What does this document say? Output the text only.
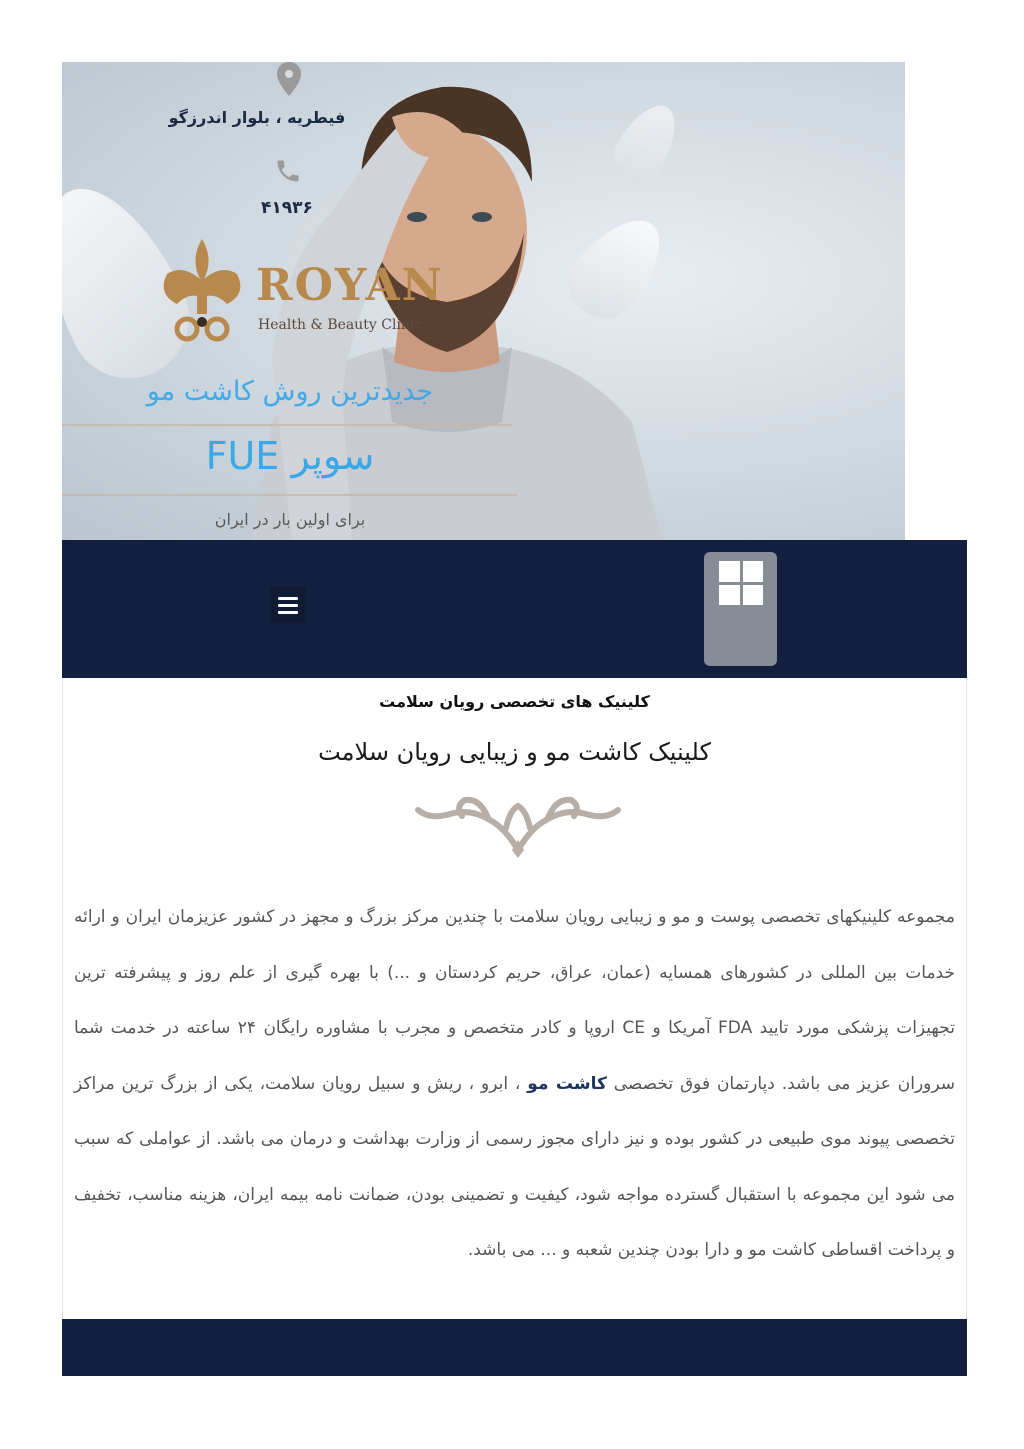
فیطریه ، بلوار اندرزگو
۴۱۹۳۶
ROYAN
Health & Beauty Clinic
جدیدترین روش کاشت مو
سوپر FUE
برای اولین بار در ایران
کلینیک های تخصصی رویان سلامت
کلینیک کاشت مو و زیبایی رویان سلامت
مجموعه کلینیکهای تخصصی پوست و مو و زیبایی رویان سلامت با چندین مرکز بزرگ و مجهز در کشور عزیزمان ایران و ارائه خدمات بین المللی در کشورهای همسایه (عمان، عراق، حریم کردستان و ...) با بهره گیری از علم روز و پیشرفته ترین تجهیزات پزشکی مورد تایید FDA آمریکا و CE اروپا و کادر متخصص و مجرب با مشاوره رایگان ۲۴ ساعته در خدمت شما سروران عزیز می باشد. دپارتمان فوق تخصصی کاشت مو ، ابرو ، ریش و سبیل رویان سلامت، یکی از بزرگ ترین مراکز تخصصی پیوند موی طبیعی در کشور بوده و نیز دارای مجوز رسمی از وزارت بهداشت و درمان می باشد. از عواملی که سبب می شود این مجموعه با استقبال گسترده مواجه شود، کیفیت و تضمینی بودن، ضمانت نامه بیمه ایران، هزینه مناسب، تخفیف و پرداخت اقساطی کاشت مو و دارا بودن چندین شعبه و ... می باشد.
